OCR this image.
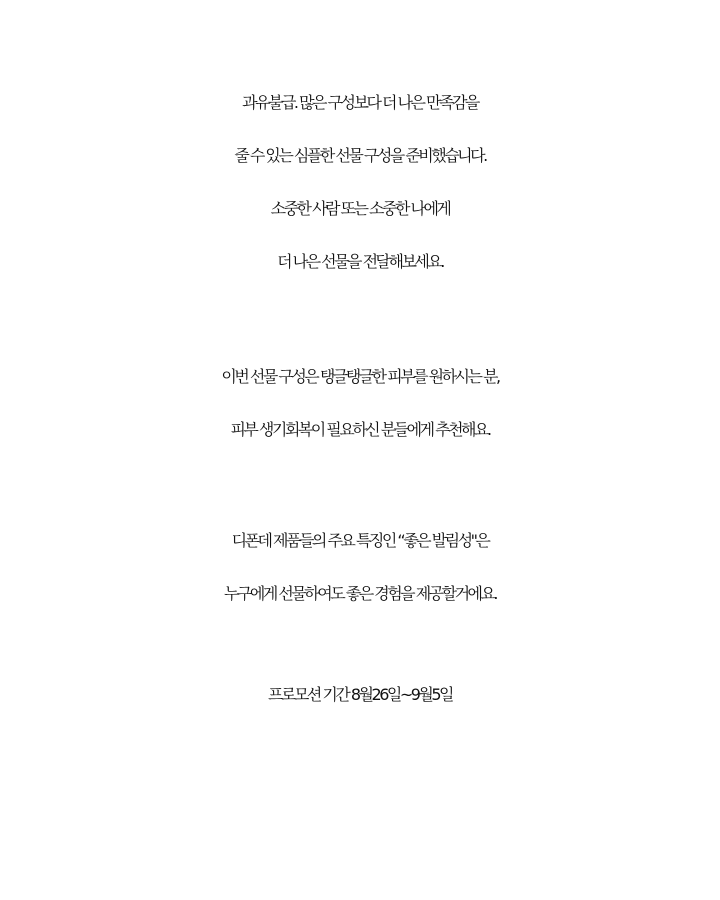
과유불급. 많은 구성보다 더 나은 만족감을
줄 수 있는 심플한 선물 구성을 준비했습니다.
소중한 사람 또는 소중한 나에게
더 나은 선물을 전달해보세요.
이번 선물 구성은 탱글탱글한 피부를 원하시는 분,
피부 생기회복이 필요하신 분들에게 추천해요.
디폰데 제품들의 주요 특징인 “좋은 발림성"은
누구에게 선물하여도 좋은 경험을 제공할거에요.
프로모션 기간 8월26일~9월5일
